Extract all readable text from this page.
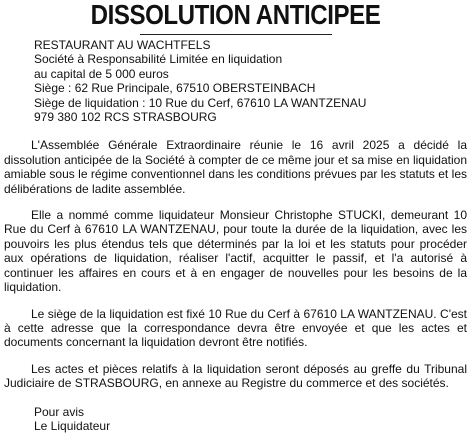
DISSOLUTION ANTICIPEE
RESTAURANT AU WACHTFELS
Société à Responsabilité Limitée en liquidation
au capital de 5 000 euros
Siège : 62 Rue Principale, 67510 OBERSTEINBACH
Siège de liquidation : 10 Rue du Cerf, 67610 LA WANTZENAU
979 380 102 RCS STRASBOURG

L'Assemblée Générale Extraordinaire réunie le 16 avril 2025 a décidé la dissolution anticipée de la Société à compter de ce même jour et sa mise en liquidation amiable sous le régime conventionnel dans les conditions prévues par les statuts et les délibérations de ladite assemblée.

Elle a nommé comme liquidateur Monsieur Christophe STUCKI, demeurant 10 Rue du Cerf à 67610 LA WANTZENAU, pour toute la durée de la liquidation, avec les pouvoirs les plus étendus tels que déterminés par la loi et les statuts pour procéder aux opérations de liquidation, réaliser l'actif, acquitter le passif, et l'a autorisé à continuer les affaires en cours et à en engager de nouvelles pour les besoins de la liquidation.

Le siège de la liquidation est fixé 10 Rue du Cerf à 67610 LA WANTZENAU. C'est à cette adresse que la correspondance devra être envoyée et que les actes et documents concernant la liquidation devront être notifiés.

Les actes et pièces relatifs à la liquidation seront déposés au greffe du Tribunal Judiciaire de STRASBOURG, en annexe au Registre du commerce et des sociétés.

Pour avis
Le Liquidateur
